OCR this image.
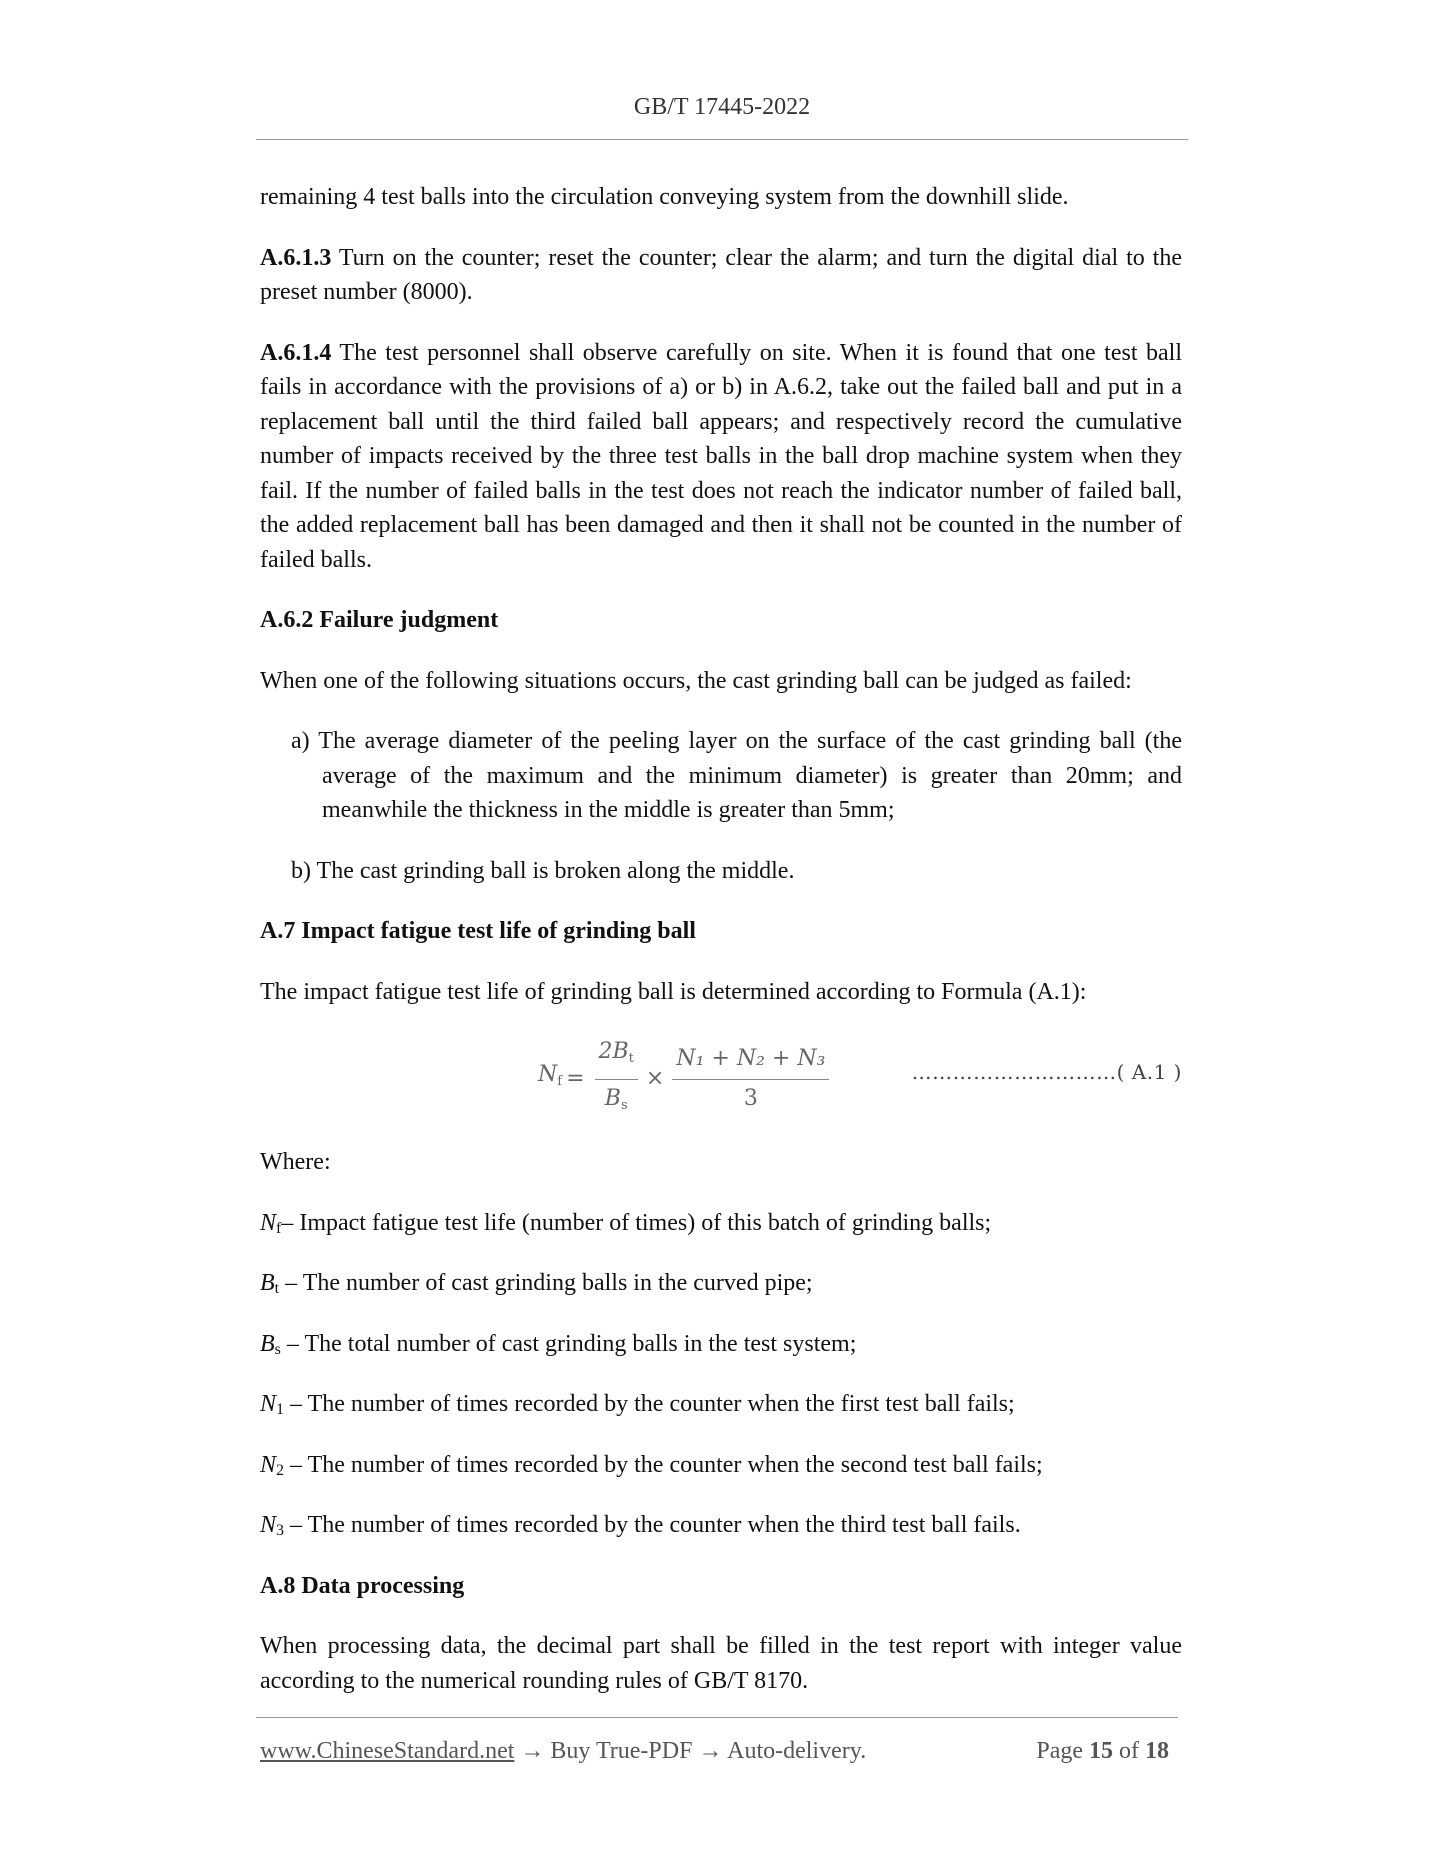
GB/T 17445-2022

remaining 4 test balls into the circulation conveying system from the downhill slide.

A.6.1.3 Turn on the counter; reset the counter; clear the alarm; and turn the digital dial to the preset number (8000).

A.6.1.4 The test personnel shall observe carefully on site. When it is found that one test ball fails in accordance with the provisions of a) or b) in A.6.2, take out the failed ball and put in a replacement ball until the third failed ball appears; and respectively record the cumulative number of impacts received by the three test balls in the ball drop machine system when they fail. If the number of failed balls in the test does not reach the indicator number of failed ball, the added replacement ball has been damaged and then it shall not be counted in the number of failed balls.

A.6.2 Failure judgment

When one of the following situations occurs, the cast grinding ball can be judged as failed:

a) The average diameter of the peeling layer on the surface of the cast grinding ball (the average of the maximum and the minimum diameter) is greater than 20mm; and meanwhile the thickness in the middle is greater than 5mm;
b) The cast grinding ball is broken along the middle.
A.7 Impact fatigue test life of grinding ball

The impact fatigue test life of grinding ball is determined according to Formula (A.1):

$Nf = \frac{2Bt}{Bs} \times \frac{\text{N₁ + N₂ + N₃}}{3}$	…………………………( A.1 )

Where:

$N_f-$ Impact fatigue test life (number of times) of this batch of grinding balls;
$B_t$ – The number of cast grinding balls in the curved pipe;
$B_s$ – The total number of cast grinding balls in the test system;
$N_1$ – The number of times recorded by the counter when the first test ball fails;
$N_2$ – The number of times recorded by the counter when the second test ball fails;
$N_3$ – The number of times recorded by the counter when the third test ball fails.
A.8 Data processing

When processing data, the decimal part shall be filled in the test report with integer value according to the numerical rounding rules of GB/T 8170.

www.ChineseStandard.net → Buy True-PDF → Auto-delivery.	Page 15 of 18
